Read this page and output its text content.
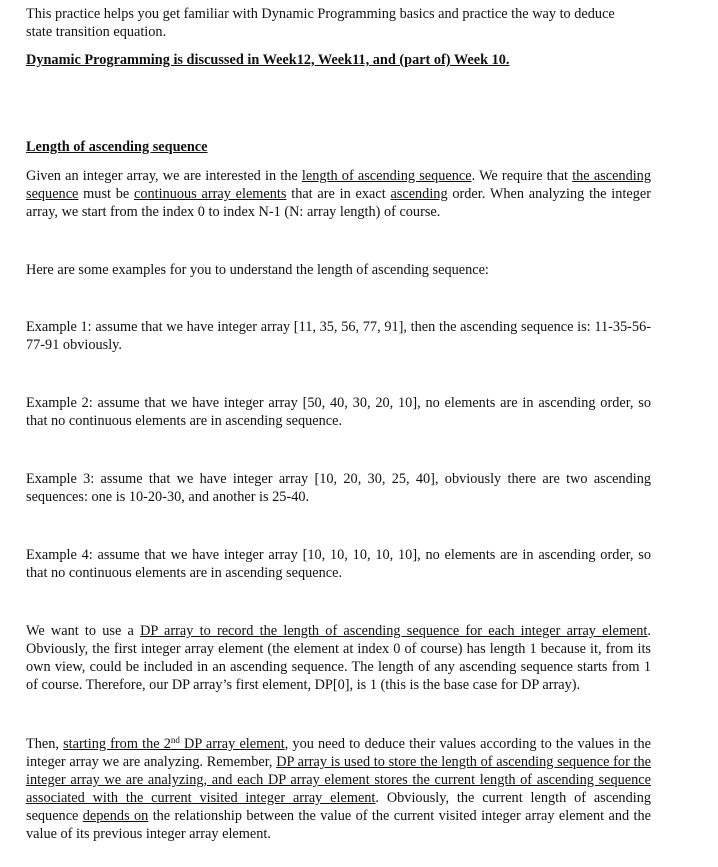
This practice helps you get familiar with Dynamic Programming basics and practice the way to deduce
state transition equation.

Dynamic Programming is discussed in Week12, Week11, and (part of) Week 10.

Length of ascending sequence

Given an integer array, we are interested in the length of ascending sequence. We require that the ascending sequence must be continuous array elements that are in exact ascending order. When analyzing the integer array, we start from the index 0 to index N-1 (N: array length) of course.

Here are some examples for you to understand the length of ascending sequence:

Example 1: assume that we have integer array [11, 35, 56, 77, 91], then the ascending sequence is: 11-35-56-77-91 obviously.

Example 2: assume that we have integer array [50, 40, 30, 20, 10], no elements are in ascending order, so that no continuous elements are in ascending sequence.

Example 3: assume that we have integer array [10, 20, 30, 25, 40], obviously there are two ascending sequences: one is 10-20-30, and another is 25-40.

Example 4: assume that we have integer array [10, 10, 10, 10, 10], no elements are in ascending order, so that no continuous elements are in ascending sequence.

We want to use a DP array to record the length of ascending sequence for each integer array element. Obviously, the first integer array element (the element at index 0 of course) has length 1 because it, from its own view, could be included in an ascending sequence. The length of any ascending sequence starts from 1 of course. Therefore, our DP array’s first element, DP[0], is 1 (this is the base case for DP array).

Then, starting from the 2nd DP array element, you need to deduce their values according to the values in the integer array we are analyzing. Remember, DP array is used to store the length of ascending sequence for the integer array we are analyzing, and each DP array element stores the current length of ascending sequence associated with the current visited integer array element. Obviously, the current length of ascending sequence depends on the relationship between the value of the current visited integer array element and the value of its previous integer array element.
